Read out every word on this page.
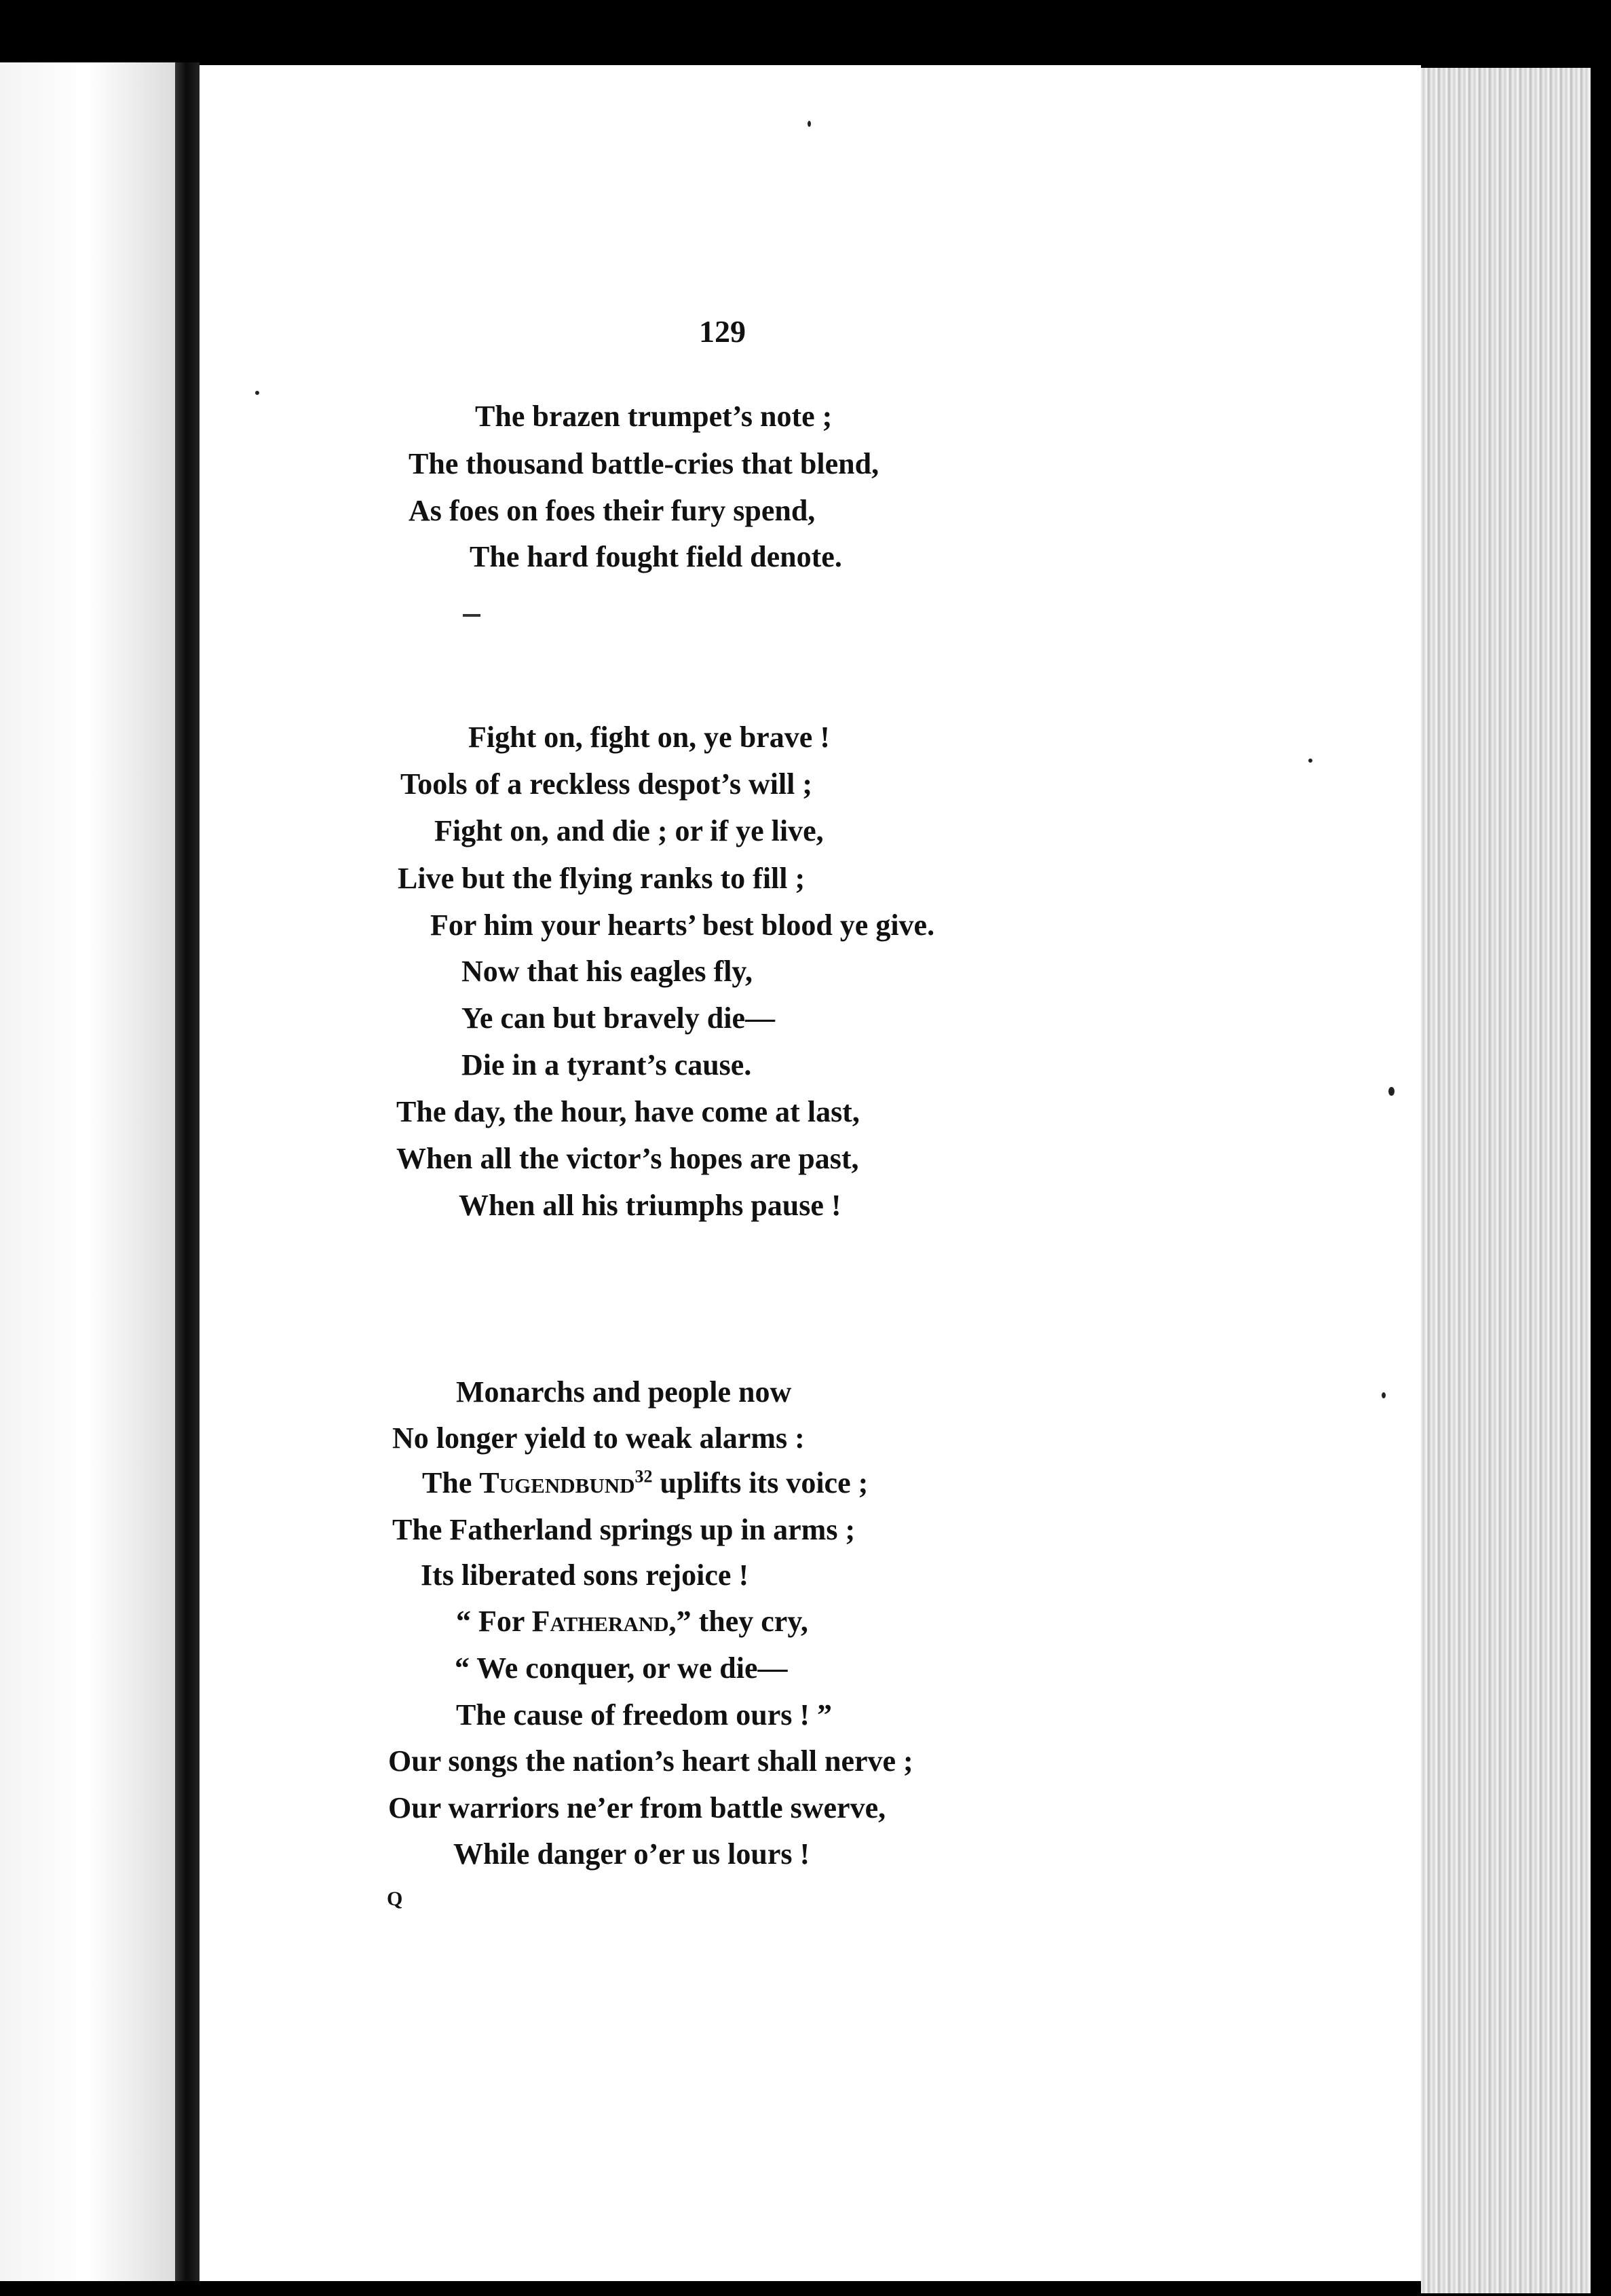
129
The brazen trumpet’s note ;
The thousand battle-cries that blend,
As foes on foes their fury spend,
The hard fought field denote.
Fight on, fight on, ye brave !
Tools of a reckless despot’s will ;
Fight on, and die ; or if ye live,
Live but the flying ranks to fill ;
For him your hearts’ best blood ye give.
Now that his eagles fly,
Ye can but bravely die—
Die in a tyrant’s cause.
The day, the hour, have come at last,
When all the victor’s hopes are past,
When all his triumphs pause !
Monarchs and people now
No longer yield to weak alarms :
The Tugendbund$^{32}$ uplifts its voice ;
The Fatherland springs up in arms ;
Its liberated sons rejoice !
“ For Fatherand,” they cry,
“ We conquer, or we die—
The cause of freedom ours ! ”
Our songs the nation’s heart shall nerve ;
Our warriors ne’er from battle swerve,
While danger o’er us lours !
Q
